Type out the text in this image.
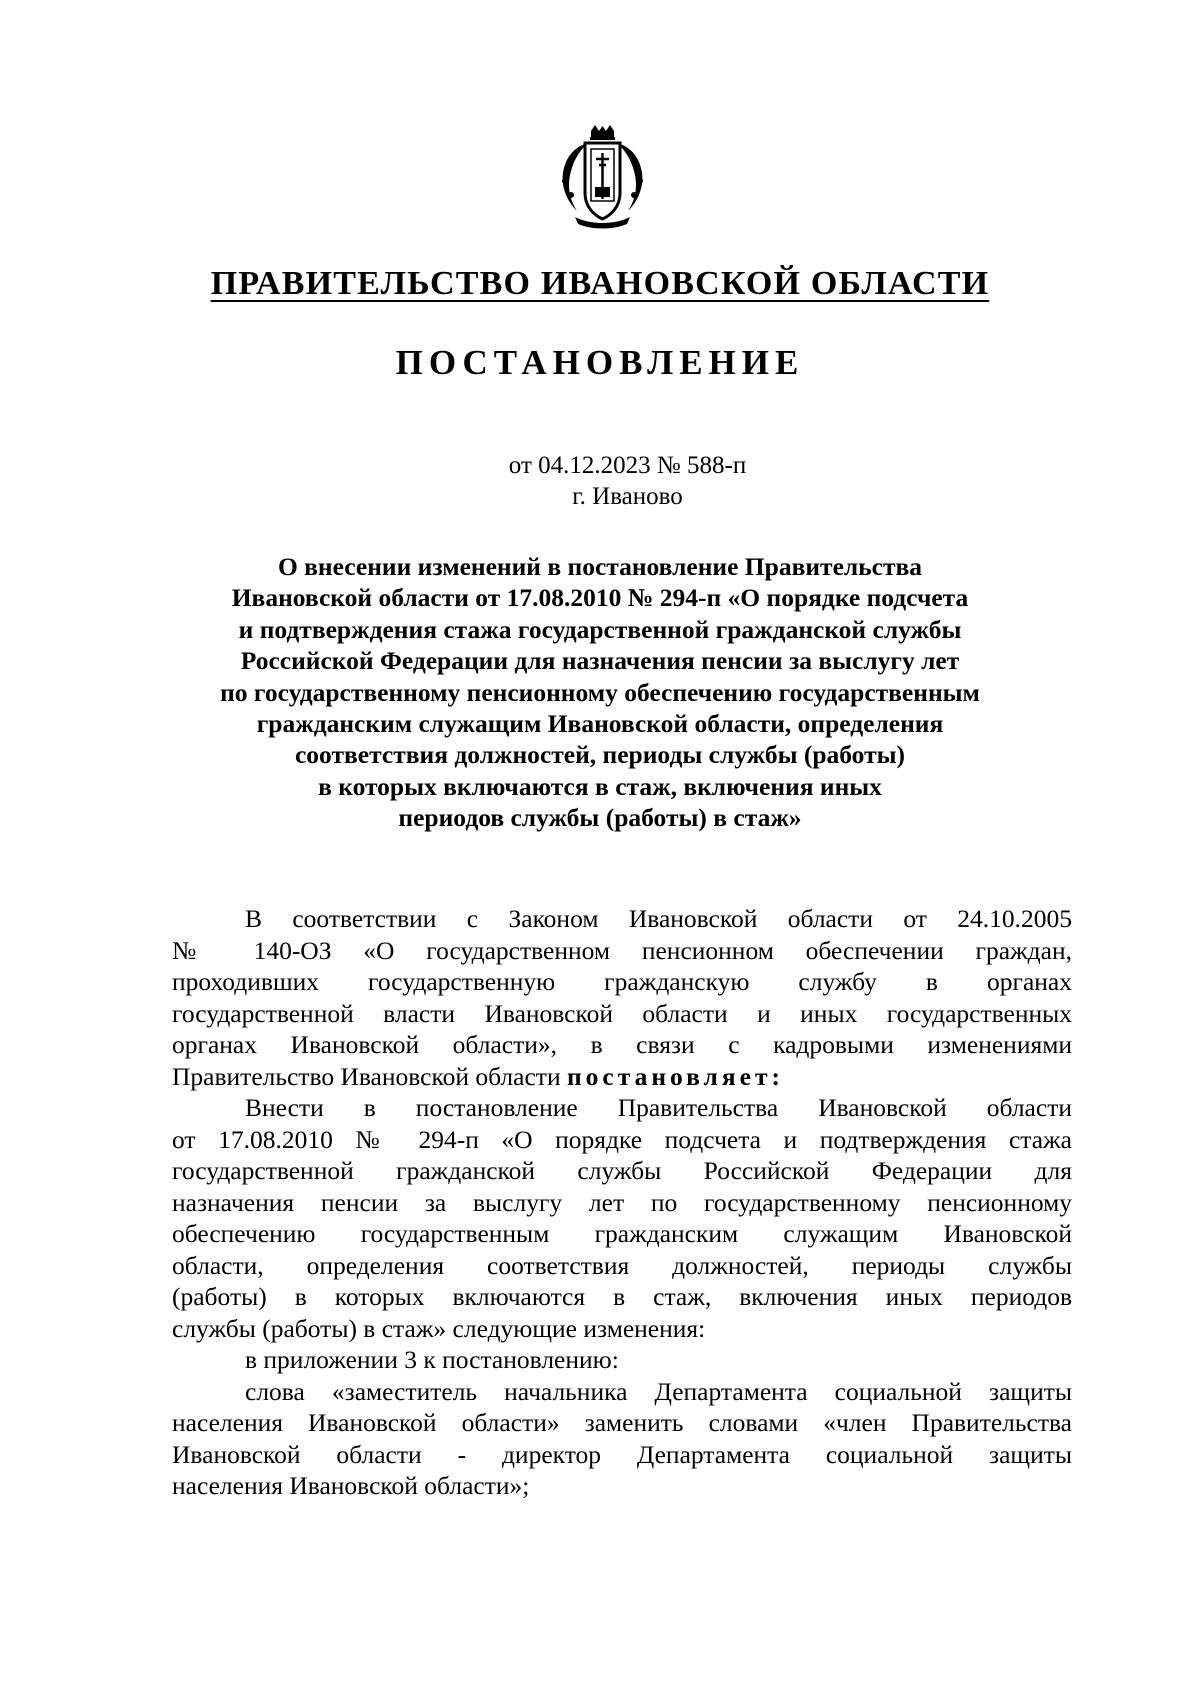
ПРАВИТЕЛЬСТВО ИВАНОВСКОЙ ОБЛАСТИ
ПОСТАНОВЛЕНИЕ
от 04.12.2023 № 588-п
г. Иваново
О внесении изменений в постановление Правительства
Ивановской области от 17.08.2010 № 294-п «О порядке подсчета
и подтверждения стажа государственной гражданской службы
Российской Федерации для назначения пенсии за выслугу лет
по государственному пенсионному обеспечению государственным
гражданским служащим Ивановской области, определения
соответствия должностей, периоды службы (работы)
в которых включаются в стаж, включения иных
периодов службы (работы) в стаж»
В соответствии с Законом Ивановской области от 24.10.2005
№ 140-ОЗ «О государственном пенсионном обеспечении граждан,
проходивших государственную гражданскую службу в органах
государственной власти Ивановской области и иных государственных
органах Ивановской области», в связи с кадровыми изменениями
Правительство Ивановской области постановляет:
Внести в постановление Правительства Ивановской области
от 17.08.2010 № 294-п «О порядке подсчета и подтверждения стажа
государственной гражданской службы Российской Федерации для
назначения пенсии за выслугу лет по государственному пенсионному
обеспечению государственным гражданским служащим Ивановской
области, определения соответствия должностей, периоды службы
(работы) в которых включаются в стаж, включения иных периодов
службы (работы) в стаж» следующие изменения:
в приложении 3 к постановлению:
слова «заместитель начальника Департамента социальной защиты
населения Ивановской области» заменить словами «член Правительства
Ивановской области - директор Департамента социальной защиты
населения Ивановской области»;
